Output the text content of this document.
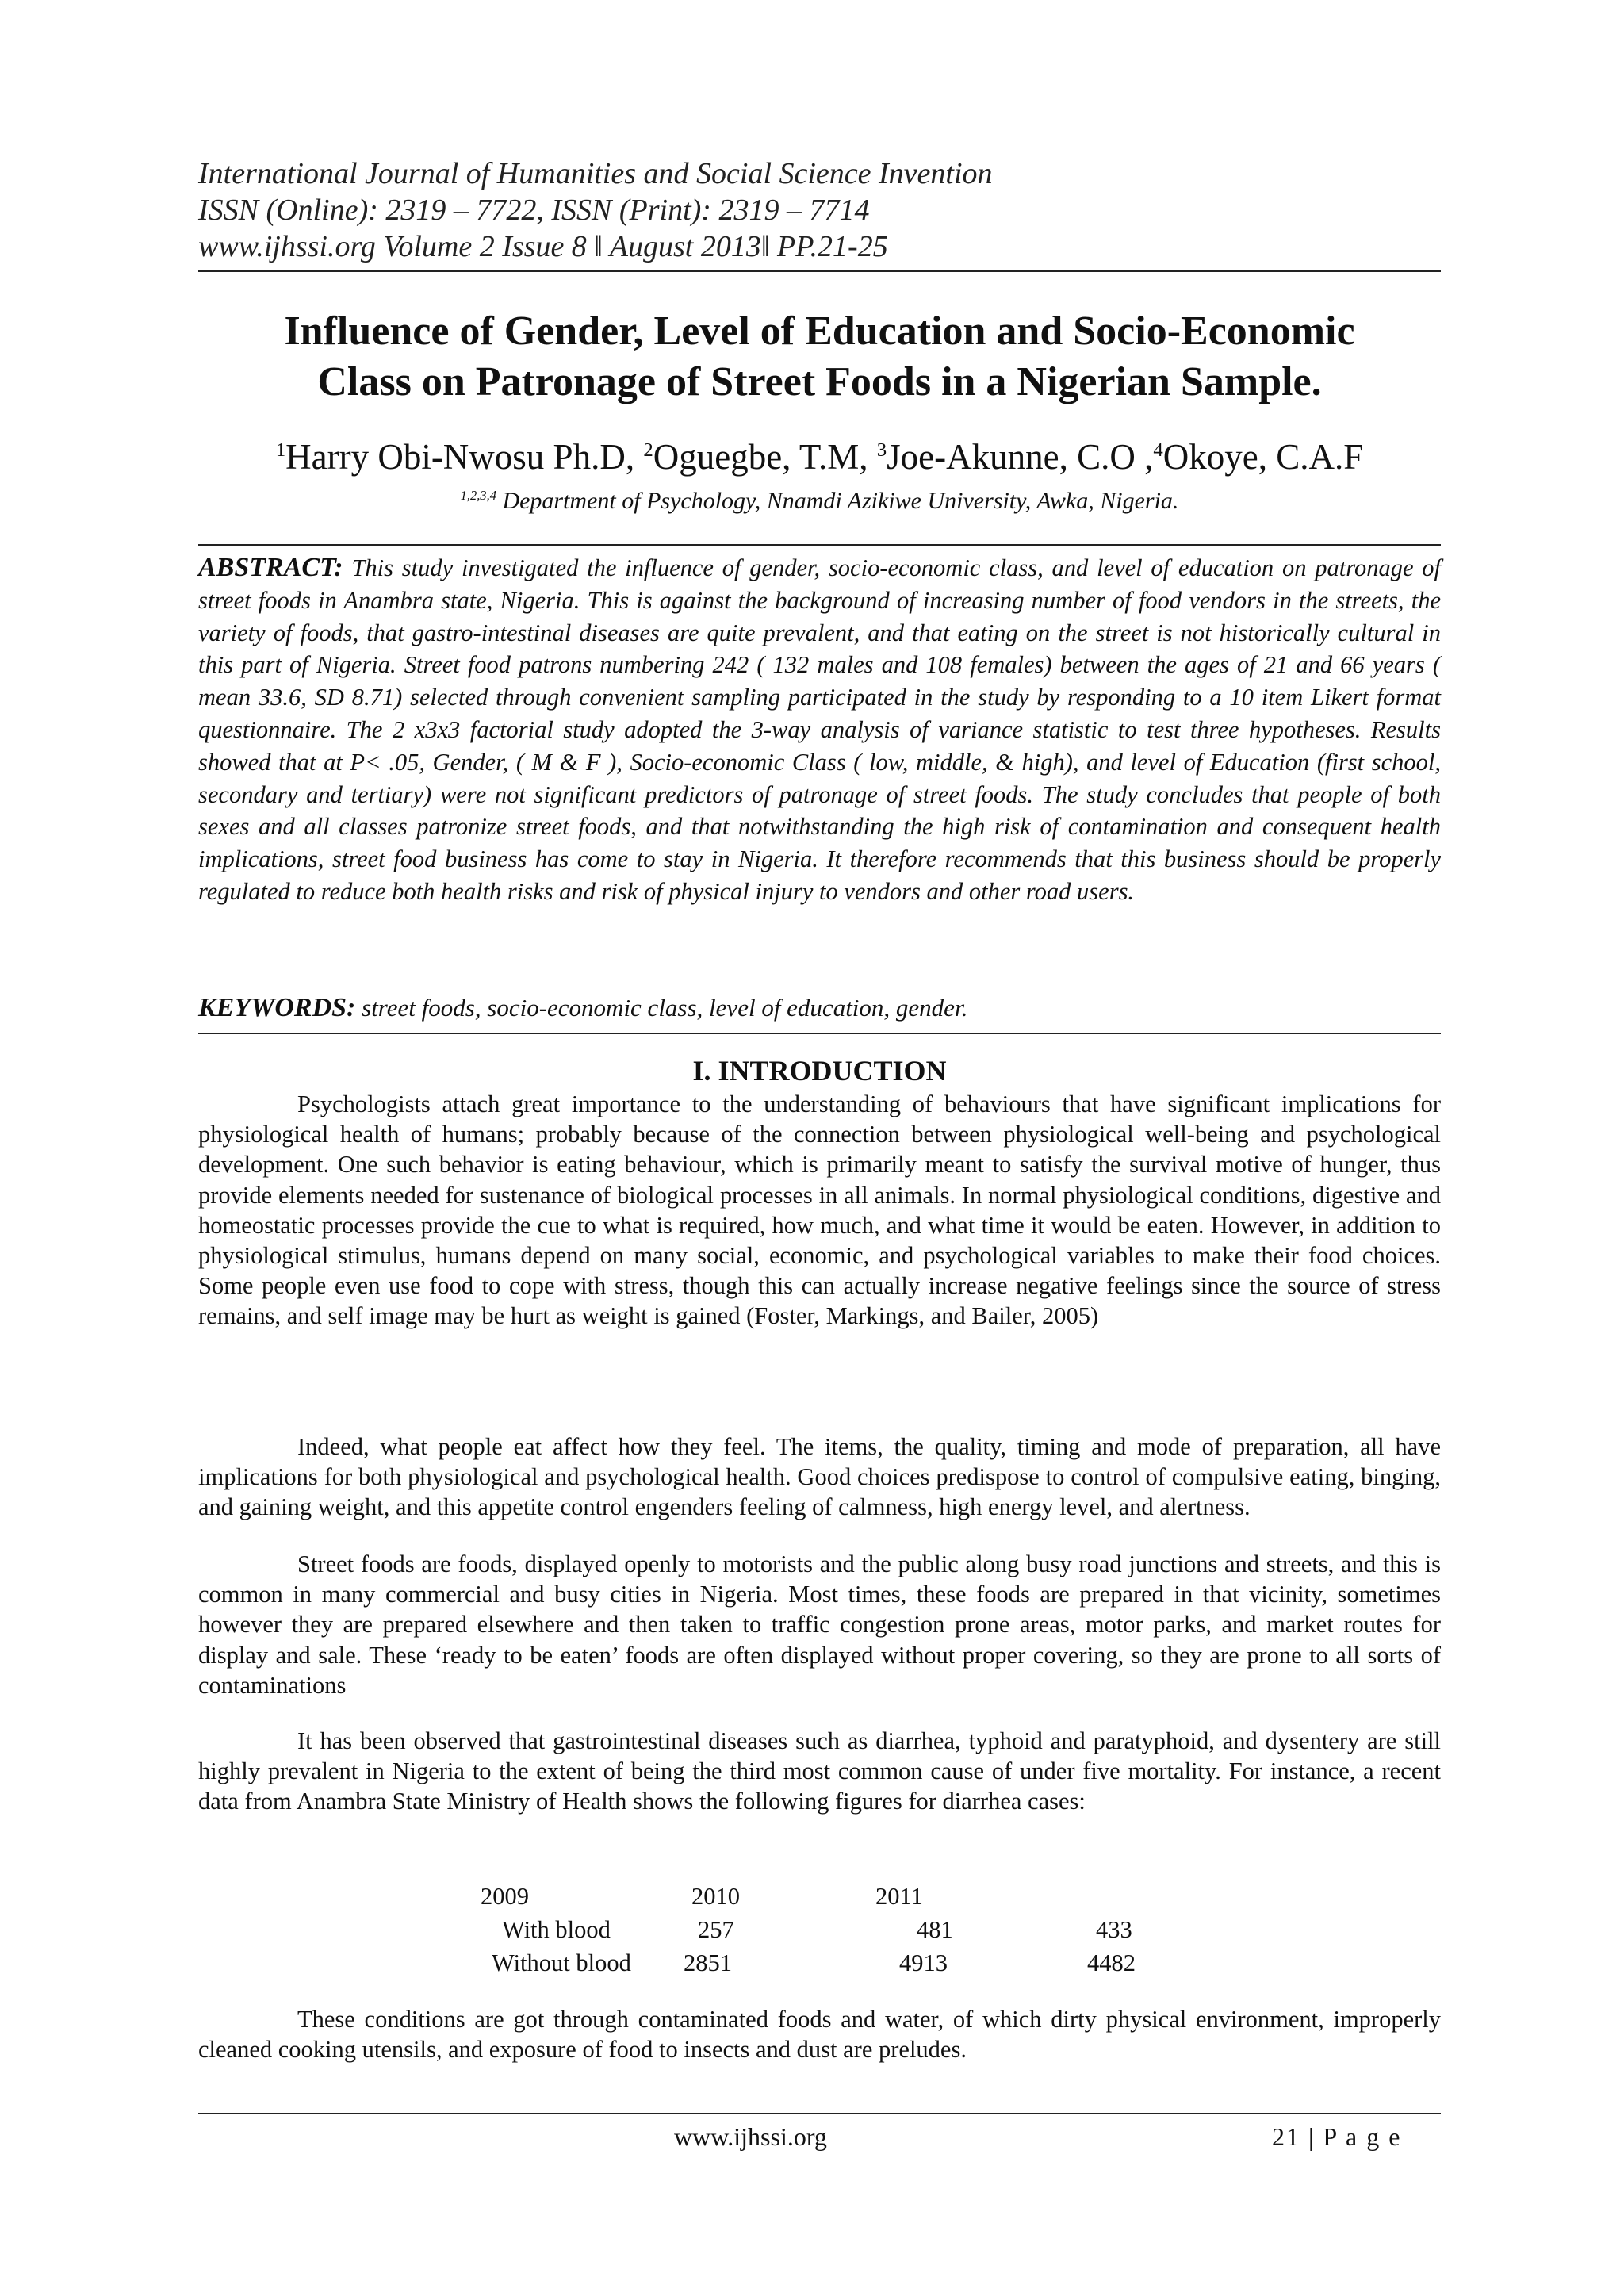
International Journal of Humanities and Social Science Invention
ISSN (Online): 2319 – 7722, ISSN (Print): 2319 – 7714
www.ijhssi.org Volume 2 Issue 8 ǁ August 2013ǁ PP.21-25
Influence of Gender, Level of Education and Socio-Economic
Class on Patronage of Street Foods in a Nigerian Sample.
$^1$Harry Obi-Nwosu Ph.D, $^2$Oguegbe, T.M, $^3$Joe-Akunne, C.O ,$^4$Okoye, C.A.F
$^{1,2,3,4}$ Department of Psychology, Nnamdi Azikiwe University, Awka, Nigeria.
ABSTRACT: This study investigated the influence of gender, socio-economic class, and level of education on patronage of street foods in Anambra state, Nigeria. This is against the background of increasing number of food vendors in the streets, the variety of foods, that gastro-intestinal diseases are quite prevalent, and that eating on the street is not historically cultural in this part of Nigeria. Street food patrons numbering 242 ( 132 males and 108 females) between the ages of 21 and 66 years ( mean 33.6, SD 8.71) selected through convenient sampling participated in the study by responding to a 10 item Likert format questionnaire. The 2 x3x3 factorial study adopted the 3-way analysis of variance statistic to test three hypotheses. Results showed that at P< .05, Gender, ( M & F ), Socio-economic Class ( low, middle, & high), and level of Education (first school, secondary and tertiary) were not significant predictors of patronage of street foods. The study concludes that people of both sexes and all classes patronize street foods, and that notwithstanding the high risk of contamination and consequent health implications, street food business has come to stay in Nigeria. It therefore recommends that this business should be properly regulated to reduce both health risks and risk of physical injury to vendors and other road users.
KEYWORDS: street foods, socio-economic class, level of education, gender.
I. INTRODUCTION

Psychologists attach great importance to the understanding of behaviours that have significant implications for physiological health of humans; probably because of the connection between physiological well-being and psychological development. One such behavior is eating behaviour, which is primarily meant to satisfy the survival motive of hunger, thus provide elements needed for sustenance of biological processes in all animals. In normal physiological conditions, digestive and homeostatic processes provide the cue to what is required, how much, and what time it would be eaten. However, in addition to physiological stimulus, humans depend on many social, economic, and psychological variables to make their food choices. Some people even use food to cope with stress, though this can actually increase negative feelings since the source of stress remains, and self image may be hurt as weight is gained (Foster, Markings, and Bailer, 2005)

Indeed, what people eat affect how they feel. The items, the quality, timing and mode of preparation, all have implications for both physiological and psychological health. Good choices predispose to control of compulsive eating, binging, and gaining weight, and this appetite control engenders feeling of calmness, high energy level, and alertness.

Street foods are foods, displayed openly to motorists and the public along busy road junctions and streets, and this is common in many commercial and busy cities in Nigeria. Most times, these foods are prepared in that vicinity, sometimes however they are prepared elsewhere and then taken to traffic congestion prone areas, motor parks, and market routes for display and sale. These ‘ready to be eaten’ foods are often displayed without proper covering, so they are prone to all sorts of contaminations

It has been observed that gastrointestinal diseases such as diarrhea, typhoid and paratyphoid, and dysentery are still highly prevalent in Nigeria to the extent of being the third most common cause of under five mortality. For instance, a recent data from Anambra State Ministry of Health shows the following figures for diarrhea cases:

2009	2010	2011
With blood	257	481	433
Without blood 2851	4913	4482

These conditions are got through contaminated foods and water, of which dirty physical environment, improperly cleaned cooking utensils, and exposure of food to insects and dust are preludes.

www.ijhssi.org	21 | P a g e
